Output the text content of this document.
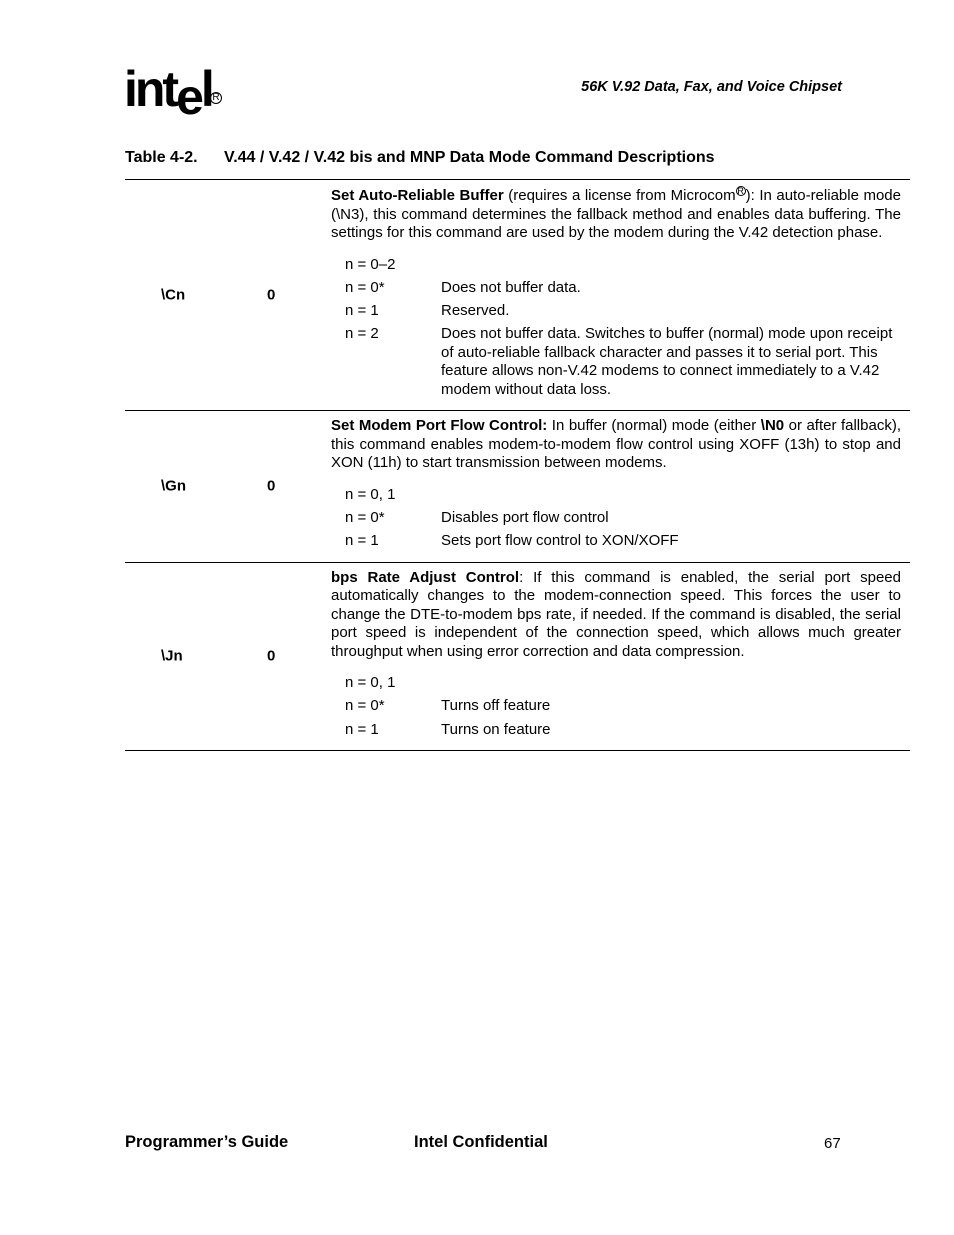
intel R
56K V.92 Data, Fax, and Voice Chipset
Table 4-2. V.44 / V.42 / V.42 bis and MNP Data Mode Command Descriptions
\Cn	0
Set Auto-Reliable Buffer (requires a license from Microcom R ): In auto-reliable mode (\N3), this command determines the fallback method and enables data buffering. The settings for this command are used by the modem during the V.42 detection phase.
n = 0–2
n = 0*	Does not buffer data.
n = 1	Reserved.
n = 2	Does not buffer data. Switches to buffer (normal) mode upon receipt of auto-reliable fallback character and passes it to serial port. This feature allows non-V.42 modems to connect immediately to a V.42 modem without data loss.
\Gn	0
Set Modem Port Flow Control: In buffer (normal) mode (either \N0 or after fallback), this command enables modem-to-modem flow control using XOFF (13h) to stop and XON (11h) to start transmission between modems.
n = 0, 1
n = 0*	Disables port flow control
n = 1	Sets port flow control to XON/XOFF
\Jn	0
bps Rate Adjust Control: If this command is enabled, the serial port speed automatically changes to the modem-connection speed. This forces the user to change the DTE-to-modem bps rate, if needed. If the command is disabled, the serial port speed is independent of the connection speed, which allows much greater throughput when using error correction and data compression.
n = 0, 1
n = 0*	Turns off feature
n = 1	Turns on feature
Programmer’s Guide	Intel Confidential	67
